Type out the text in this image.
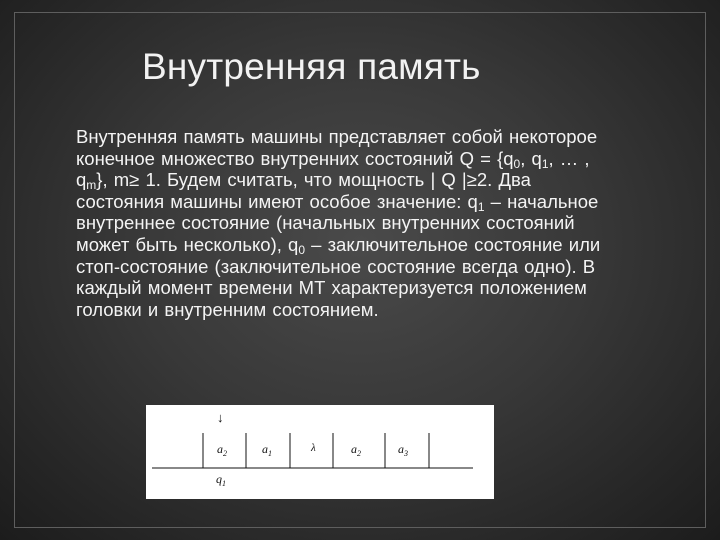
Внутренняя память
Внутренняя память машины представляет собой некоторое конечное множество внутренних состояний $Q = \{q_0$, $q_1$, … , $q_m$}, m≥ 1. Будем считать, что мощность | Q |≥2. Два состояния машины имеют особое значение: $q_1$ – начальное внутреннее состояние (начальных внутренних состояний может быть несколько), $q_0$ – заключительное состояние или стоп-состояние (заключительное состояние всегда одно). В каждый момент времени МТ характеризуется положением головки и внутренним состоянием.
↓
$a_2$	$a_1$	λ	$a_2$	$a_3$
$q_1$
